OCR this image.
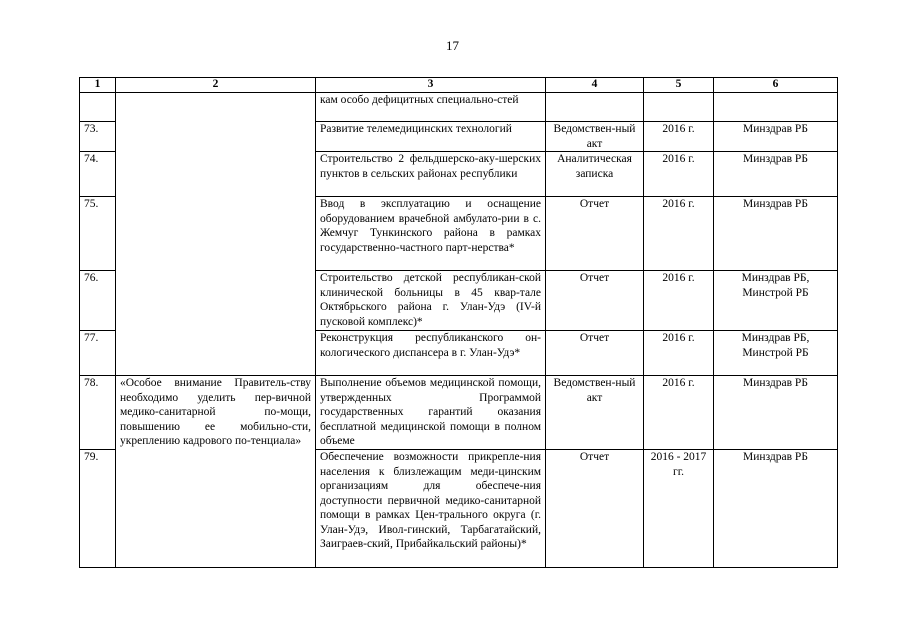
17
1	2	3	4	5	6
		кам особо дефицитных специально-стей			
73.		Развитие телемедицинских технологий	Ведомствен-ный акт	2016 г.	Минздрав РБ
74.		Строительство 2 фельдшерско-аку-шерских пунктов в сельских районах республики	Аналитическая записка	2016 г.	Минздрав РБ
75.		Ввод в эксплуатацию и оснащение оборудованием врачебной амбулато-рии в с. Жемчуг Тункинского района в рамках государственно-частного парт-нерства*	Отчет	2016 г.	Минздрав РБ
76.		Строительство детской республикан-ской клинической больницы в 45 квар-тале Октябрьского района г. Улан-Удэ (IV-й пусковой комплекс)*	Отчет	2016 г.	Минздрав РБ, Минстрой РБ
77.		Реконструкция республиканского он-кологического диспансера в г. Улан-Удэ*	Отчет	2016 г.	Минздрав РБ, Минстрой РБ
78.	«Особое внимание Правитель-ству необходимо уделить пер-вичной медико-санитарной по-мощи, повышению ее мобильно-сти, укреплению кадрового по-тенциала»	Выполнение объемов медицинской помощи, утвержденных Программой государственных гарантий оказания бесплатной медицинской помощи в полном объеме	Ведомствен-ный акт	2016 г.	Минздрав РБ
79.		Обеспечение возможности прикрепле-ния населения к близлежащим меди-цинским организациям для обеспече-ния доступности первичной медико-санитарной помощи в рамках Цен-трального округа (г. Улан-Удэ, Ивол-гинский, Тарбагатайский, Заиграев-ский, Прибайкальский районы)*	Отчет	2016 - 2017 гг.	Минздрав РБ
